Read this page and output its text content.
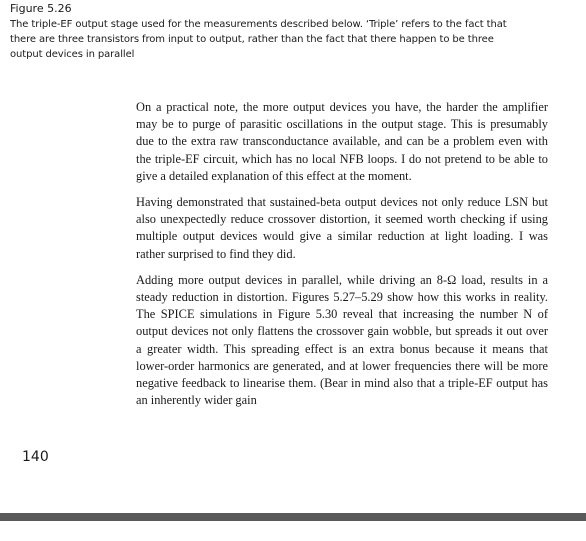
Figure 5.26

The triple-EF output stage used for the measurements described below. ‘Triple’ refers to the fact that

there are three transistors from input to output, rather than the fact that there happen to be three

output devices in parallel

On a practical note, the more output devices you have, the harder the amplifier may be to purge of parasitic oscillations in the output stage. This is presumably due to the extra raw transconductance available, and can be a problem even with the triple-EF circuit, which has no local NFB loops. I do not pretend to be able to give a detailed explanation of this effect at the moment.

Having demonstrated that sustained-beta output devices not only reduce LSN but also unexpectedly reduce crossover distortion, it seemed worth checking if using multiple output devices would give a similar reduction at light loading. I was rather surprised to find they did.

Adding more output devices in parallel, while driving an 8-Ω load, results in a steady reduction in distortion. Figures 5.27–5.29 show how this works in reality. The SPICE simulations in Figure 5.30 reveal that increasing the number N of output devices not only flattens the crossover gain wobble, but spreads it out over a greater width. This spreading effect is an extra bonus because it means that lower-order harmonics are generated, and at lower frequencies there will be more negative feedback to linearise them. (Bear in mind also that a triple-EF output has an inherently wider gain

140
